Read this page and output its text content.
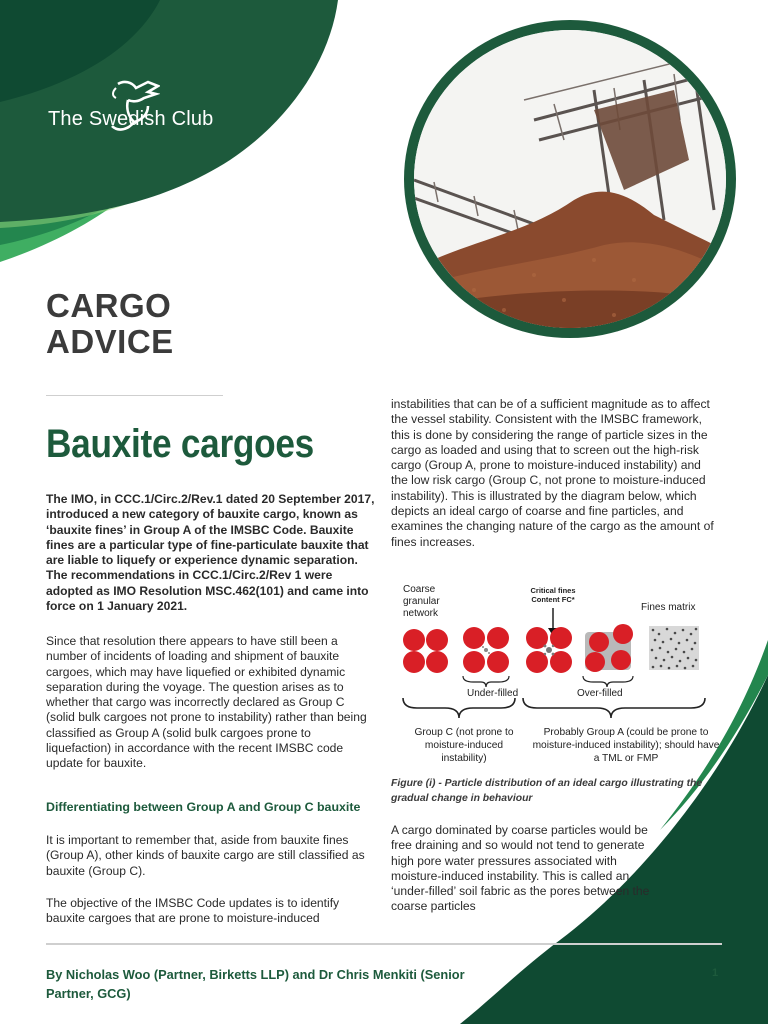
The Swedish Club
CARGO
ADVICE
Bauxite cargoes

The IMO, in CCC.1/Circ.2/Rev.1 dated 20 September 2017, introduced a new category of bauxite cargo, known as ‘bauxite fines’ in Group A of the IMSBC Code. Bauxite fines are a particular type of fine-particulate bauxite that are liable to liquefy or experience dynamic separation. The recommendations in CCC.1/Circ.2/Rev 1 were adopted as IMO Resolution MSC.462(101) and came into force on 1 January 2021.

Since that resolution there appears to have still been a number of incidents of loading and shipment of bauxite cargoes, which may have liquefied or exhibited dynamic separation during the voyage. The question arises as to whether that cargo was incorrectly declared as Group C (solid bulk cargoes not prone to instability) rather than being classified as Group A (solid bulk cargoes prone to liquefaction) in accordance with the recent IMSBC code update for bauxite.

Differentiating between Group A and Group C bauxite

It is important to remember that, aside from bauxite fines (Group A), other kinds of bauxite cargo are still classified as bauxite (Group C).

The objective of the IMSBC Code updates is to identify bauxite cargoes that are prone to moisture-induced

instabilities that can be of a sufficient magnitude as to affect the vessel stability. Consistent with the IMSBC framework, this is done by considering the range of particle sizes in the cargo as loaded and using that to screen out the high-risk cargo (Group A, prone to moisture-induced instability) and the low risk cargo (Group C, not prone to moisture-induced instability). This is illustrated by the diagram below, which depicts an ideal cargo of coarse and fine particles, and examines the changing nature of the cargo as the amount of fines increases.

Coarse granular network
Critical fines Content FC*
Fines matrix
Under-filled	Over-filled
Group C (not prone to moisture-induced instability)
Probably Group A (could be prone to moisture-induced instability); should have a TML or FMP

Figure (i) - Particle distribution of an ideal cargo illustrating the gradual change in behaviour

A cargo dominated by coarse particles would be free draining and so would not tend to generate high pore water pressures associated with moisture-induced instability. This is called an ‘under-filled’ soil fabric as the pores between the coarse particles

By Nicholas Woo (Partner, Birketts LLP) and Dr Chris Menkiti (Senior Partner, GCG)
1
